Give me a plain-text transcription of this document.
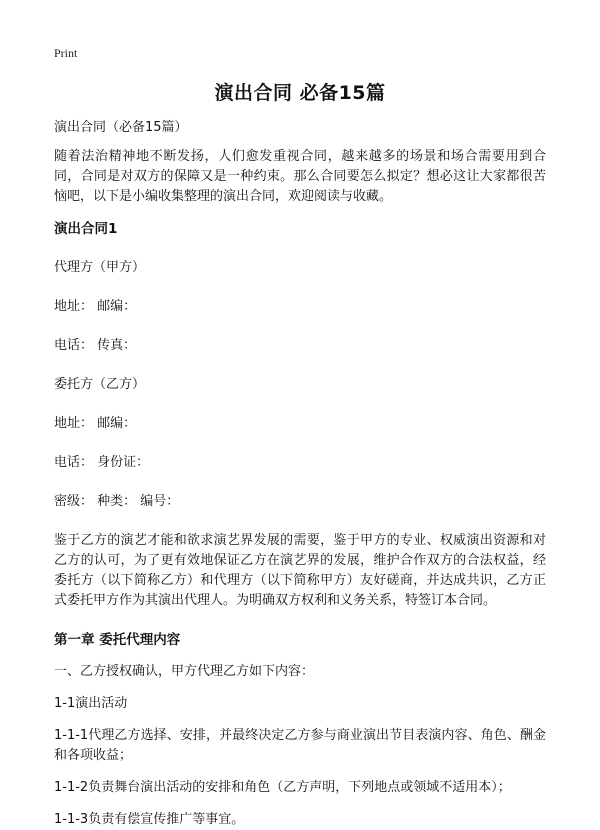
Print
演出合同 必备15篇

演出合同（必备15篇）

随着法治精神地不断发扬，人们愈发重视合同，越来越多的场景和场合需要用到合同，合同是对双方的保障又是一种约束。那么合同要怎么拟定？想必这让大家都很苦恼吧，以下是小编收集整理的演出合同，欢迎阅读与收藏。

演出合同1

代理方（甲方）

地址： 邮编：

电话： 传真：

委托方（乙方）

地址： 邮编：

电话： 身份证：

密级： 种类： 编号：

鉴于乙方的演艺才能和欲求演艺界发展的需要，鉴于甲方的专业、权威演出资源和对乙方的认可，为了更有效地保证乙方在演艺界的发展，维护合作双方的合法权益，经委托方（以下简称乙方）和代理方（以下简称甲方）友好磋商，并达成共识，乙方正式委托甲方作为其演出代理人。为明确双方权利和义务关系，特签订本合同。

第一章 委托代理内容

一、乙方授权确认，甲方代理乙方如下内容：

1-1演出活动

1-1-1代理乙方选择、安排，并最终决定乙方参与商业演出节目表演内容、角色、酬金和各项收益；

1-1-2负责舞台演出活动的安排和角色（乙方声明，下列地点或领域不适用本）；

1-1-3负责有偿宣传推广等事宜。
